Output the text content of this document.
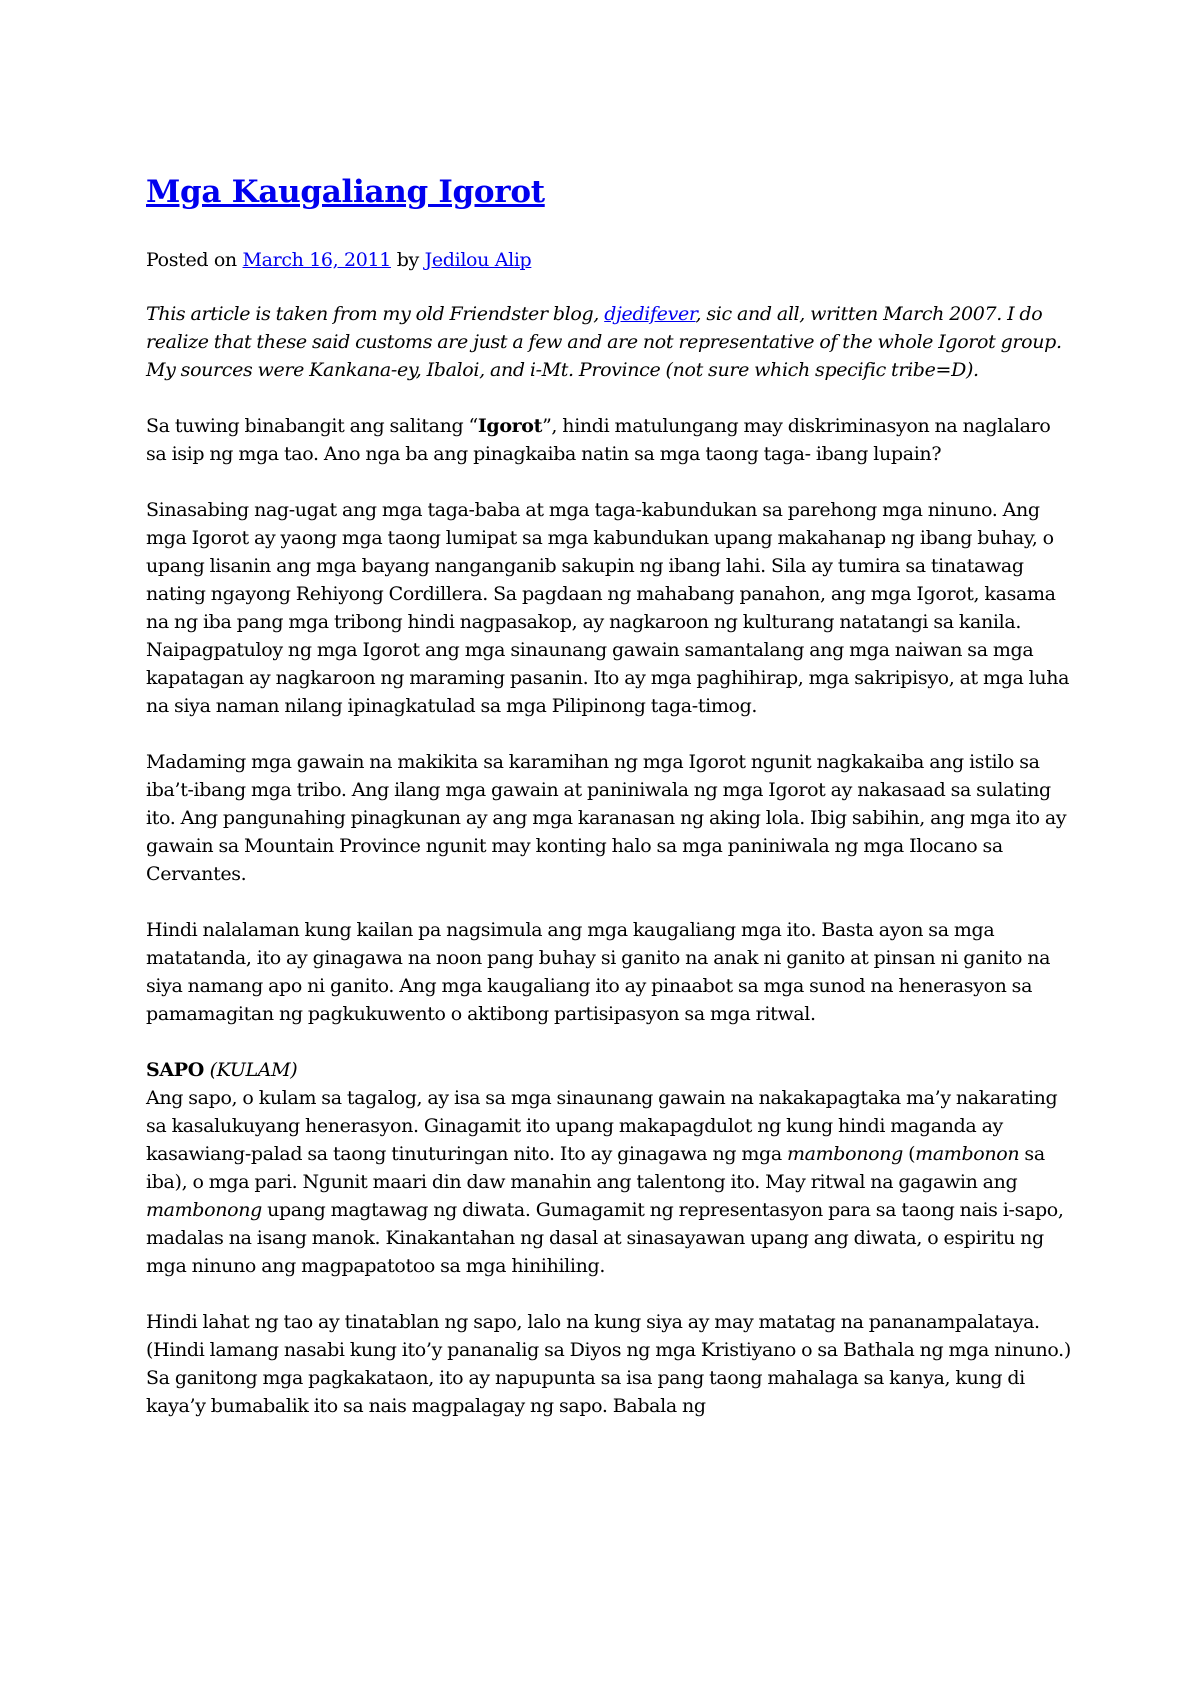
Mga Kaugaliang Igorot
Posted on March 16, 2011 by Jedilou Alip

This article is taken from my old Friendster blog, djedifever, sic and all, written March 2007. I do realize that these said customs are just a few and are not representative of the whole Igorot group. My sources were Kankana-ey, Ibaloi, and i-Mt. Province (not sure which specific tribe=D).

Sa tuwing binabangit ang salitang “Igorot”, hindi matulungang may diskriminasyon na naglalaro sa isip ng mga tao. Ano nga ba ang pinagkaiba natin sa mga taong taga- ibang lupain?

Sinasabing nag-ugat ang mga taga-baba at mga taga-kabundukan sa parehong mga ninuno. Ang mga Igorot ay yaong mga taong lumipat sa mga kabundukan upang makahanap ng ibang buhay, o upang lisanin ang mga bayang nanganganib sakupin ng ibang lahi. Sila ay tumira sa tinatawag nating ngayong Rehiyong Cordillera. Sa pagdaan ng mahabang panahon, ang mga Igorot, kasama na ng iba pang mga tribong hindi nagpasakop, ay nagkaroon ng kulturang natatangi sa kanila. Naipagpatuloy ng mga Igorot ang mga sinaunang gawain samantalang ang mga naiwan sa mga kapatagan ay nagkaroon ng maraming pasanin. Ito ay mga paghihirap, mga sakripisyo, at mga luha na siya naman nilang ipinagkatulad sa mga Pilipinong taga-timog.

Madaming mga gawain na makikita sa karamihan ng mga Igorot ngunit nagkakaiba ang istilo sa iba’t-ibang mga tribo. Ang ilang mga gawain at paniniwala ng mga Igorot ay nakasaad sa sulating ito. Ang pangunahing pinagkunan ay ang mga karanasan ng aking lola. Ibig sabihin, ang mga ito ay gawain sa Mountain Province ngunit may konting halo sa mga paniniwala ng mga Ilocano sa Cervantes.

Hindi nalalaman kung kailan pa nagsimula ang mga kaugaliang mga ito. Basta ayon sa mga matatanda, ito ay ginagawa na noon pang buhay si ganito na anak ni ganito at pinsan ni ganito na siya namang apo ni ganito. Ang mga kaugaliang ito ay pinaabot sa mga sunod na henerasyon sa pamamagitan ng pagkukuwento o aktibong partisipasyon sa mga ritwal.

SAPO (KULAM)

Ang sapo, o kulam sa tagalog, ay isa sa mga sinaunang gawain na nakakapagtaka ma’y nakarating sa kasalukuyang henerasyon. Ginagamit ito upang makapagdulot ng kung hindi maganda ay kasawiang-palad sa taong tinuturingan nito. Ito ay ginagawa ng mga mambonong (mambonon sa iba), o mga pari. Ngunit maari din daw manahin ang talentong ito. May ritwal na gagawin ang mambonong upang magtawag ng diwata. Gumagamit ng representasyon para sa taong nais i-sapo, madalas na isang manok. Kinakantahan ng dasal at sinasayawan upang ang diwata, o espiritu ng mga ninuno ang magpapatotoo sa mga hinihiling.

Hindi lahat ng tao ay tinatablan ng sapo, lalo na kung siya ay may matatag na pananampalataya. (Hindi lamang nasabi kung ito’y pananalig sa Diyos ng mga Kristiyano o sa Bathala ng mga ninuno.) Sa ganitong mga pagkakataon, ito ay napupunta sa isa pang taong mahalaga sa kanya, kung di kaya’y bumabalik ito sa nais magpalagay ng sapo. Babala ng
